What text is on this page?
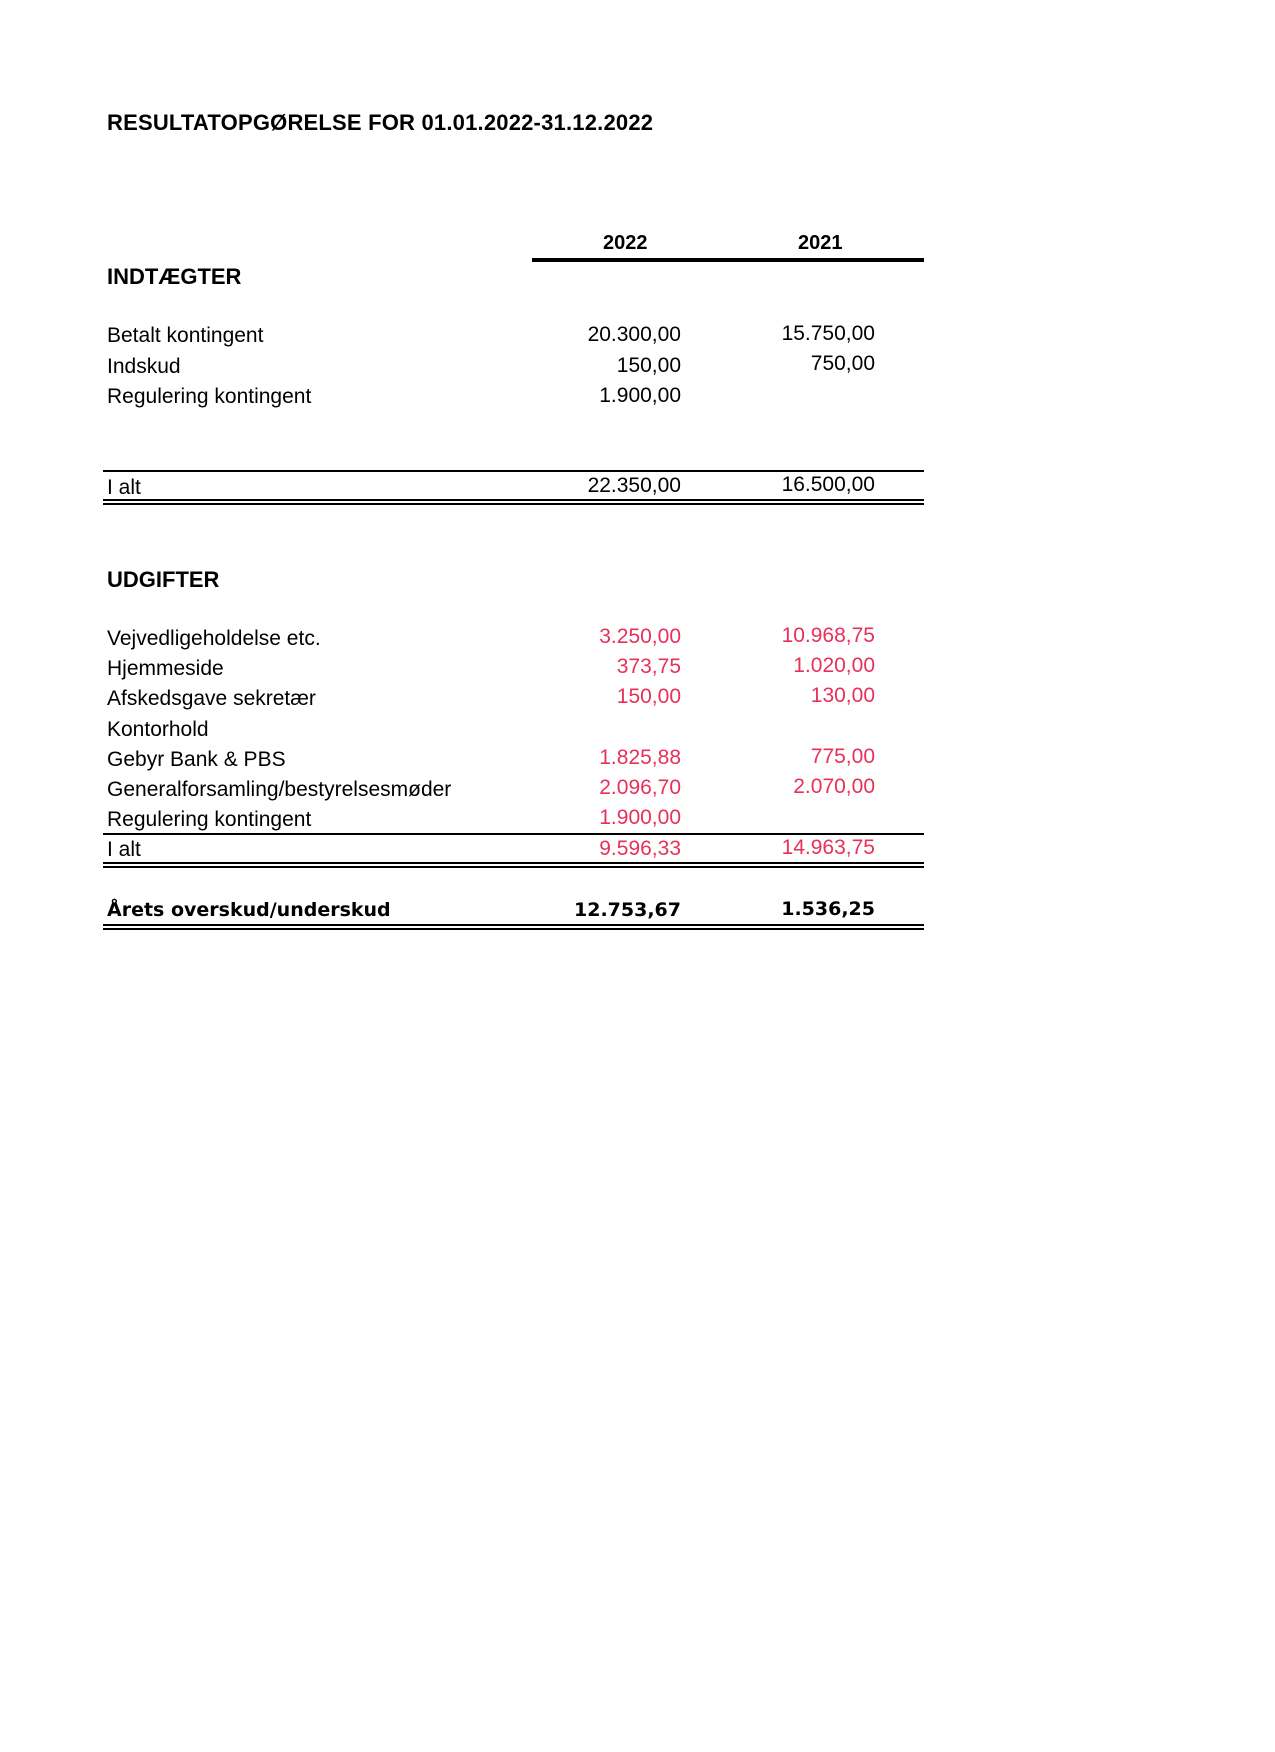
RESULTATOPGØRELSE FOR 01.01.2022-31.12.2022
2022	2021
INDTÆGTER
Betalt kontingent	20.300,00	15.750,00
Indskud	150,00	750,00
Regulering kontingent	1.900,00
I alt	22.350,00	16.500,00
UDGIFTER
Vejvedligeholdelse etc.	3.250,00	10.968,75
Hjemmeside	373,75	1.020,00
Afskedsgave sekretær	150,00	130,00
Kontorhold
Gebyr Bank & PBS	1.825,88	775,00
Generalforsamling/bestyrelsesmøder	2.096,70	2.070,00
Regulering kontingent	1.900,00
I alt	9.596,33	14.963,75
Årets overskud/underskud	12.753,67	1.536,25
